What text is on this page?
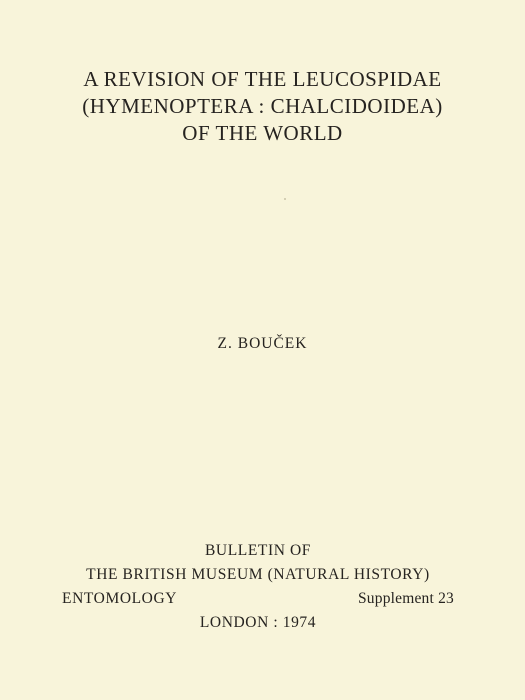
A REVISION OF THE LEUCOSPIDAE
(HYMENOPTERA : CHALCIDOIDEA)
OF THE WORLD
Z. BOUČEK
BULLETIN OF
THE BRITISH MUSEUM (NATURAL HISTORY)
ENTOMOLOGY	Supplement 23
LONDON : 1974
